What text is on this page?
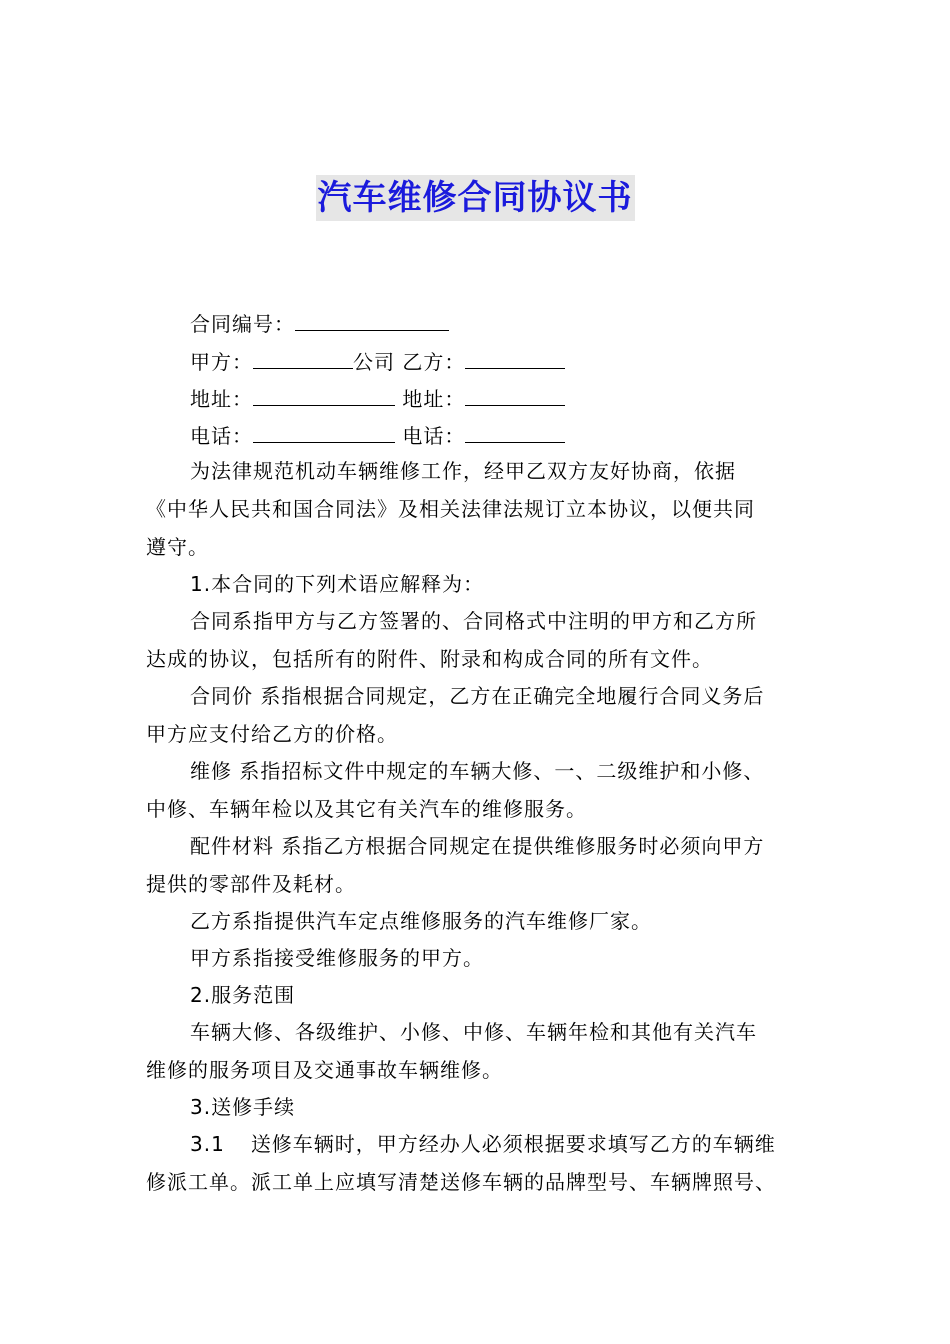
汽车维修合同协议书
合同编号：
甲方：	公司 乙方：
地址：	地址：
电话：	电话：
为法律规范机动车辆维修工作，经甲乙双方友好协商，依据
《中华人民共和国合同法》及相关法律法规订立本协议，以便共同
遵守。
1.本合同的下列术语应解释为：
合同系指甲方与乙方签署的、合同格式中注明的甲方和乙方所
达成的协议，包括所有的附件、附录和构成合同的所有文件。
合同价 系指根据合同规定，乙方在正确完全地履行合同义务后
甲方应支付给乙方的价格。
维修 系指招标文件中规定的车辆大修、一、二级维护和小修、
中修、车辆年检以及其它有关汽车的维修服务。
配件材料 系指乙方根据合同规定在提供维修服务时必须向甲方
提供的零部件及耗材。
乙方系指提供汽车定点维修服务的汽车维修厂家。
甲方系指接受维修服务的甲方。
2.服务范围
车辆大修、各级维护、小修、中修、车辆年检和其他有关汽车
维修的服务项目及交通事故车辆维修。
3.送修手续
3.1 送修车辆时，甲方经办人必须根据要求填写乙方的车辆维
修派工单。派工单上应填写清楚送修车辆的品牌型号、车辆牌照号、
